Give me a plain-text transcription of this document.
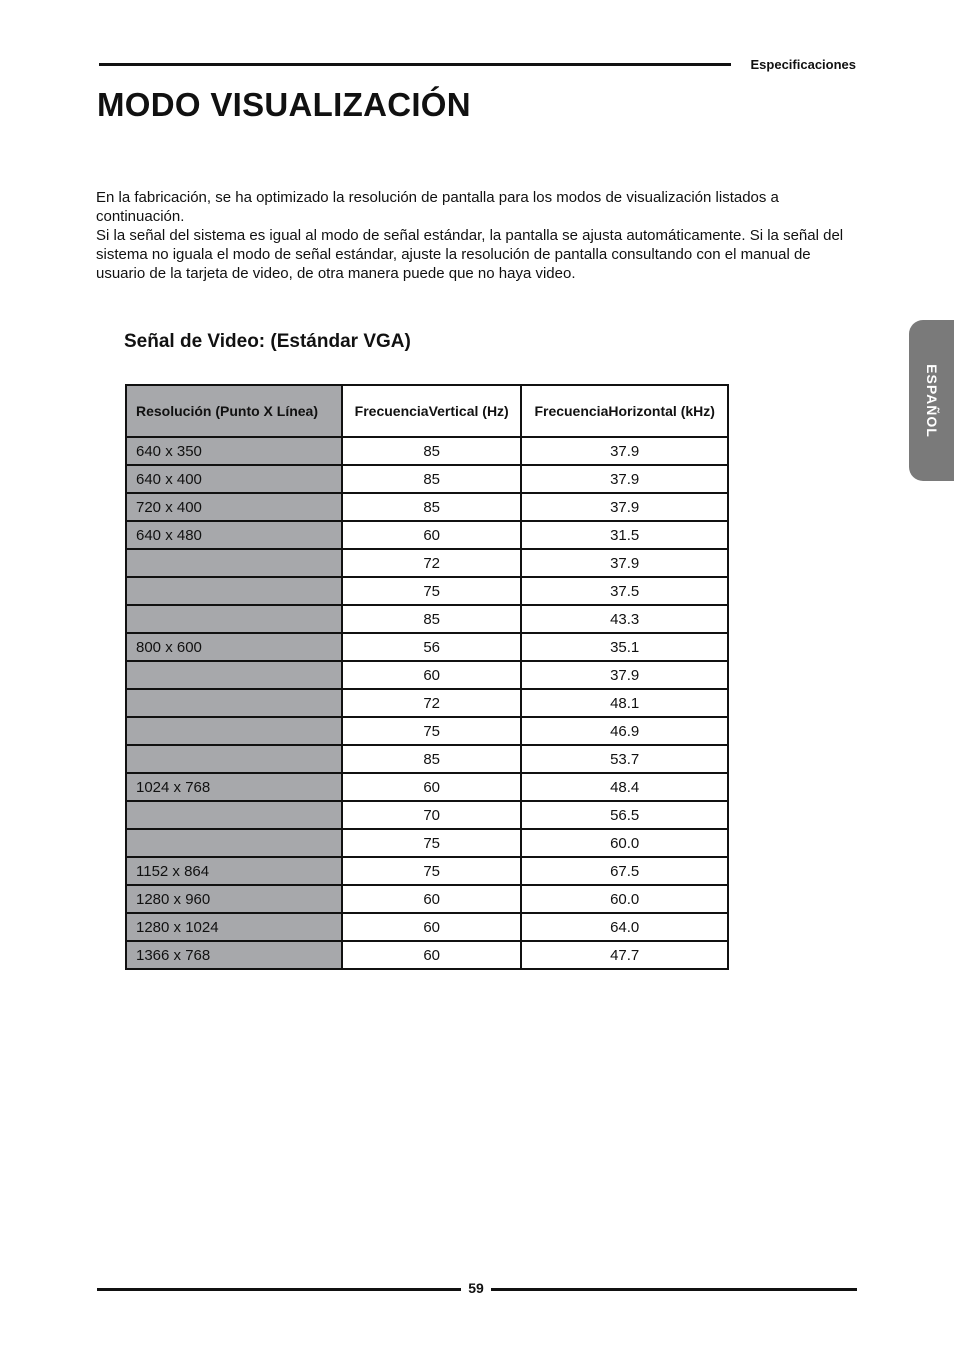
Especificaciones
MODO VISUALIZACIÓN

En la fabricación, se ha optimizado la resolución de pantalla para los modos de visualización listados a continuación.

Si la señal del sistema es igual al modo de señal estándar, la pantalla se ajusta automáticamente. Si la señal del sistema no iguala el modo de señal estándar, ajuste la resolución de pantalla consultando con el manual de usuario de la tarjeta de video, de otra manera puede que no haya video.

Señal de Video: (Estándar VGA)
ESPAÑOL
Resolución (Punto X Línea)	FrecuenciaVertical (Hz)	FrecuenciaHorizontal (kHz)
640 x 350	85	37.9
640 x 400	85	37.9
720 x 400	85	37.9
640 x 480	60	31.5
	72	37.9
	75	37.5
	85	43.3
800 x 600	56	35.1
	60	37.9
	72	48.1
	75	46.9
	85	53.7
1024 x 768	60	48.4
	70	56.5
	75	60.0
1152 x 864	75	67.5
1280 x 960	60	60.0
1280 x 1024	60	64.0
1366 x 768	60	47.7
59
